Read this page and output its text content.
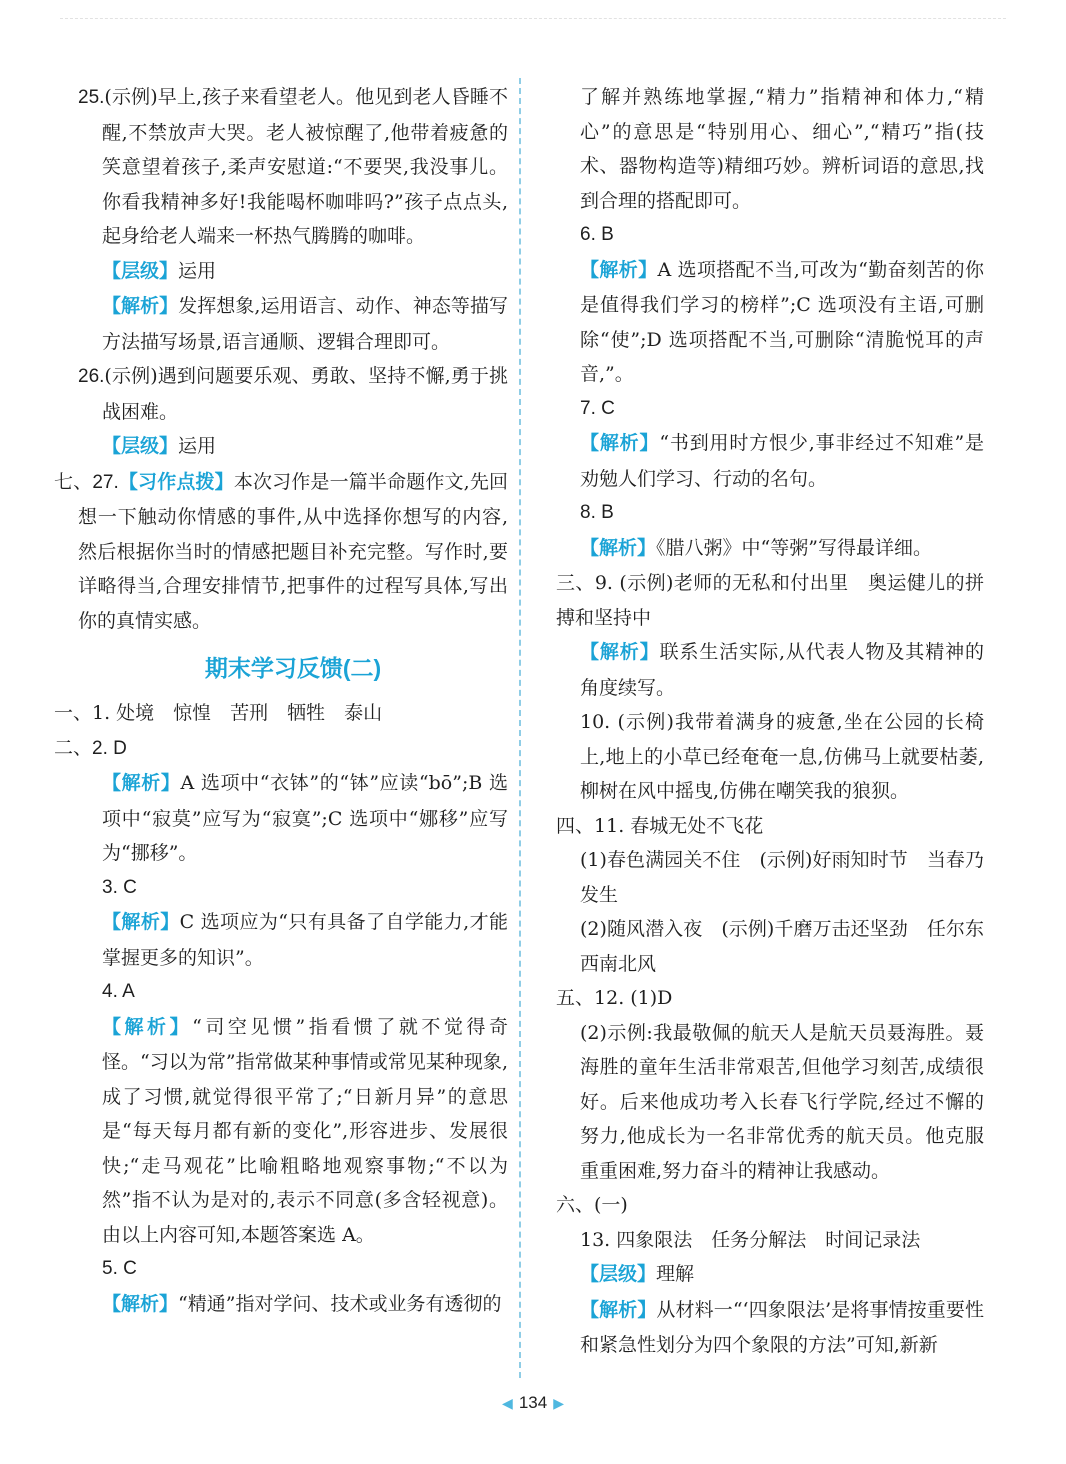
25.(示例)早上,孩子来看望老人。他见到老人昏睡不醒,不禁放声大哭。老人被惊醒了,他带着疲惫的笑意望着孩子,柔声安慰道:“不要哭,我没事儿。你看我精神多好!我能喝杯咖啡吗?”孩子点点头,起身给老人端来一杯热气腾腾的咖啡。

【层级】运用

【解析】发挥想象,运用语言、动作、神态等描写方法描写场景,语言通顺、逻辑合理即可。

26.(示例)遇到问题要乐观、勇敢、坚持不懈,勇于挑战困难。

【层级】运用

七、27.【习作点拨】本次习作是一篇半命题作文,先回想一下触动你情感的事件,从中选择你想写的内容,然后根据你当时的情感把题目补充完整。写作时,要详略得当,合理安排情节,把事件的过程写具体,写出你的真情实感。

期末学习反馈(二)

一、1. 处境　惊惶　苦刑　牺牲　泰山

二、2. D

【解析】A 选项中“衣钵”的“钵”应读“bō”;B 选项中“寂莫”应写为“寂寞”;C 选项中“娜移”应写为“挪移”。

3. C

【解析】C 选项应为“只有具备了自学能力,才能掌握更多的知识”。

4. A

【解析】“司空见惯”指看惯了就不觉得奇怪。“习以为常”指常做某种事情或常见某种现象,成了习惯,就觉得很平常了;“日新月异”的意思是“每天每月都有新的变化”,形容进步、发展很快;“走马观花”比喻粗略地观察事物;“不以为然”指不认为是对的,表示不同意(多含轻视意)。由以上内容可知,本题答案选 A。

5. C

【解析】“精通”指对学问、技术或业务有透彻的

了解并熟练地掌握,“精力”指精神和体力,“精心”的意思是“特别用心、细心”,“精巧”指(技术、器物构造等)精细巧妙。辨析词语的意思,找到合理的搭配即可。

6. B

【解析】A 选项搭配不当,可改为“勤奋刻苦的你是值得我们学习的榜样”;C 选项没有主语,可删除“使”;D 选项搭配不当,可删除“清脆悦耳的声音,”。

7. C

【解析】“书到用时方恨少,事非经过不知难”是劝勉人们学习、行动的名句。

8. B

【解析】《腊八粥》中“等粥”写得最详细。

三、9. (示例)老师的无私和付出里　奥运健儿的拼搏和坚持中

【解析】联系生活实际,从代表人物及其精神的角度续写。

10. (示例)我带着满身的疲惫,坐在公园的长椅上,地上的小草已经奄奄一息,仿佛马上就要枯萎,柳树在风中摇曳,仿佛在嘲笑我的狼狈。

四、11. 春城无处不飞花

(1)春色满园关不住　(示例)好雨知时节　当春乃发生

(2)随风潜入夜　(示例)千磨万击还坚劲　任尔东西南北风

五、12. (1)D

(2)示例:我最敬佩的航天人是航天员聂海胜。聂海胜的童年生活非常艰苦,但他学习刻苦,成绩很好。后来他成功考入长春飞行学院,经过不懈的努力,他成长为一名非常优秀的航天员。他克服重重困难,努力奋斗的精神让我感动。

六、(一)

13. 四象限法　任务分解法　时间记录法

【层级】理解

【解析】从材料一“‘四象限法’是将事情按重要性和紧急性划分为四个象限的方法”可知,新新

◀ 134 ▶
